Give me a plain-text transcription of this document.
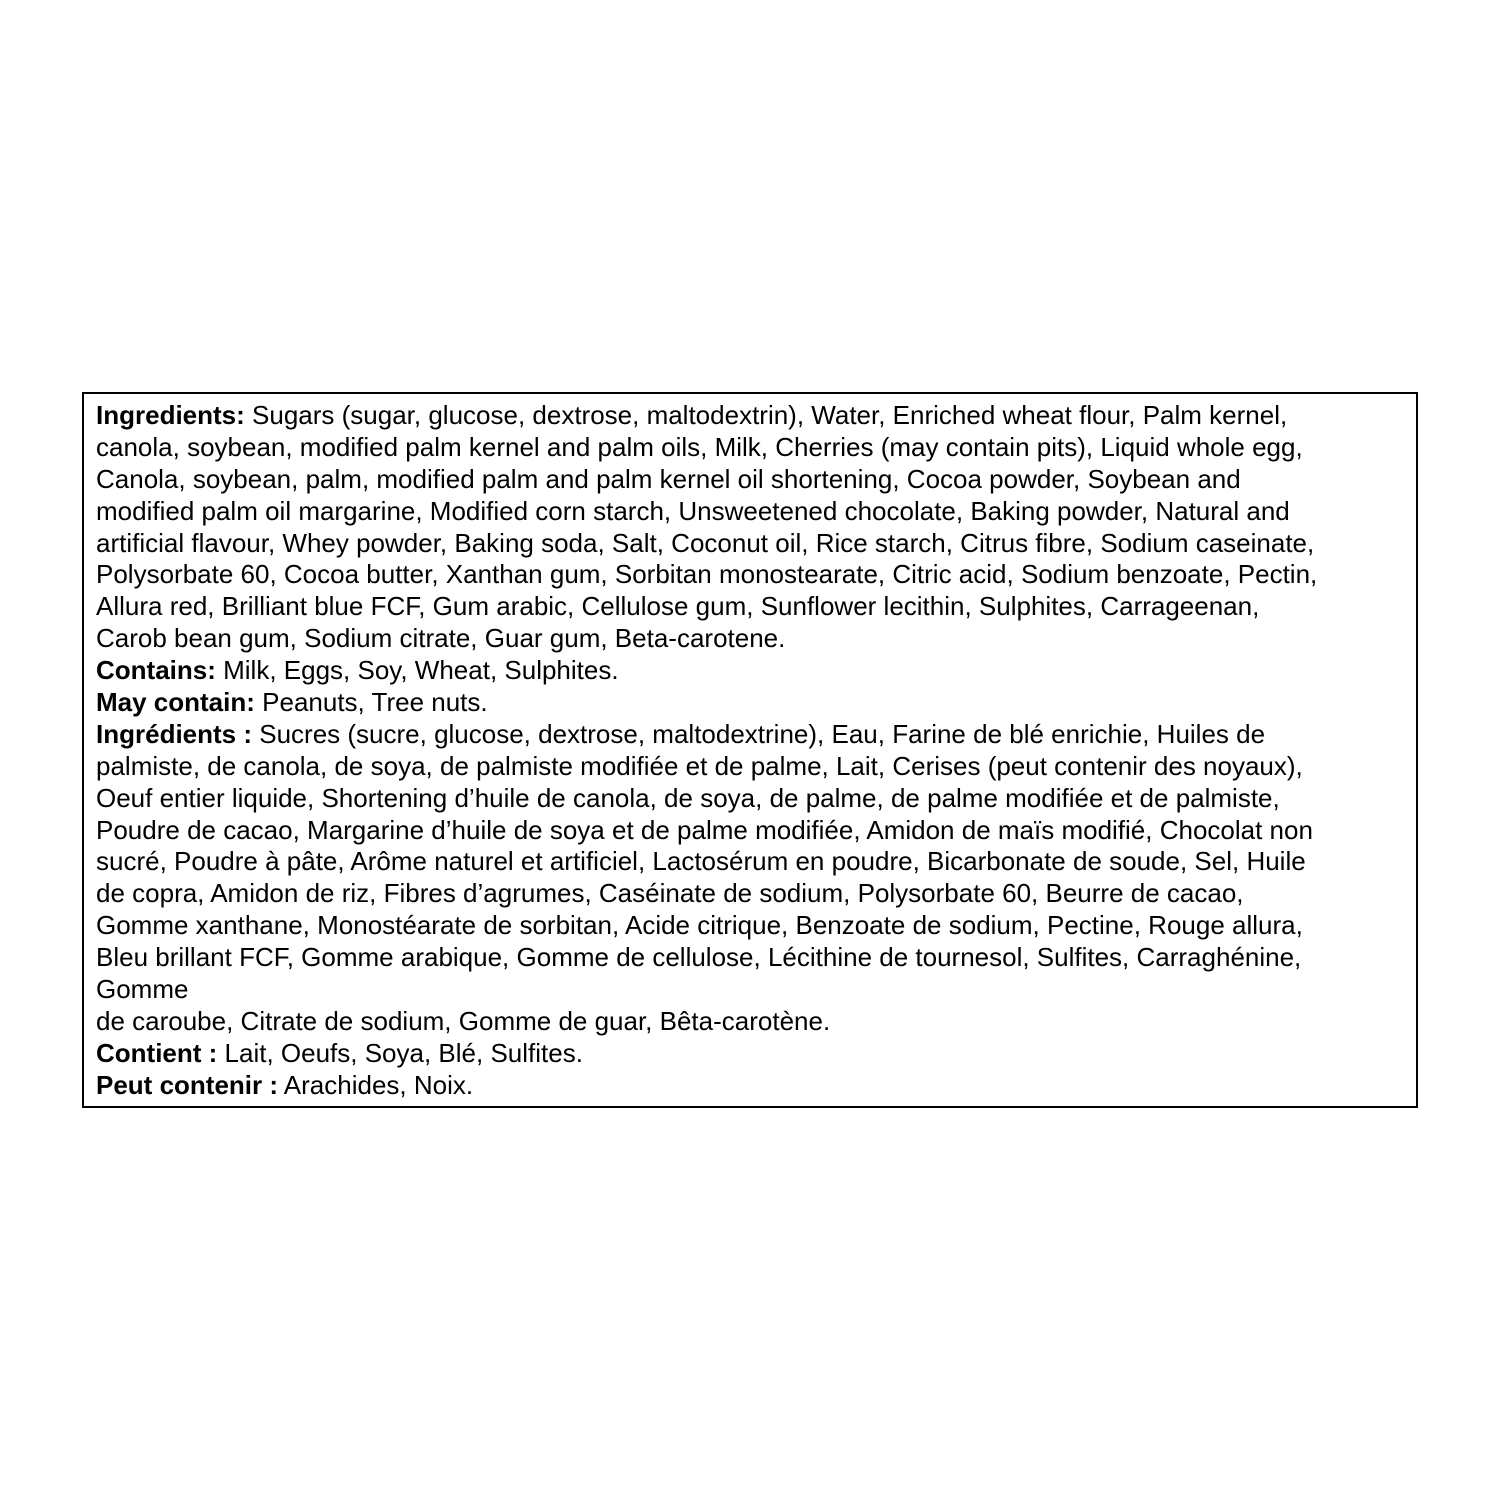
Ingredients: Sugars (sugar, glucose, dextrose, maltodextrin), Water, Enriched wheat flour, Palm kernel,
canola, soybean, modified palm kernel and palm oils, Milk, Cherries (may contain pits), Liquid whole egg,
Canola, soybean, palm, modified palm and palm kernel oil shortening, Cocoa powder, Soybean and
modified palm oil margarine, Modified corn starch, Unsweetened chocolate, Baking powder, Natural and
artificial flavour, Whey powder, Baking soda, Salt, Coconut oil, Rice starch, Citrus fibre, Sodium caseinate,
Polysorbate 60, Cocoa butter, Xanthan gum, Sorbitan monostearate, Citric acid, Sodium benzoate, Pectin,
Allura red, Brilliant blue FCF, Gum arabic, Cellulose gum, Sunflower lecithin, Sulphites, Carrageenan,
Carob bean gum, Sodium citrate, Guar gum, Beta-carotene.
Contains: Milk, Eggs, Soy, Wheat, Sulphites.
May contain: Peanuts, Tree nuts.
Ingrédients : Sucres (sucre, glucose, dextrose, maltodextrine), Eau, Farine de blé enrichie, Huiles de
palmiste, de canola, de soya, de palmiste modifiée et de palme, Lait, Cerises (peut contenir des noyaux),
Oeuf entier liquide, Shortening d’huile de canola, de soya, de palme, de palme modifiée et de palmiste,
Poudre de cacao, Margarine d’huile de soya et de palme modifiée, Amidon de maïs modifié, Chocolat non
sucré, Poudre à pâte, Arôme naturel et artificiel, Lactosérum en poudre, Bicarbonate de soude, Sel, Huile
de copra, Amidon de riz, Fibres d’agrumes, Caséinate de sodium, Polysorbate 60, Beurre de cacao,
Gomme xanthane, Monostéarate de sorbitan, Acide citrique, Benzoate de sodium, Pectine, Rouge allura,
Bleu brillant FCF, Gomme arabique, Gomme de cellulose, Lécithine de tournesol, Sulfites, Carraghénine,
Gomme
de caroube, Citrate de sodium, Gomme de guar, Bêta-carotène.
Contient : Lait, Oeufs, Soya, Blé, Sulfites.
Peut contenir : Arachides, Noix.
